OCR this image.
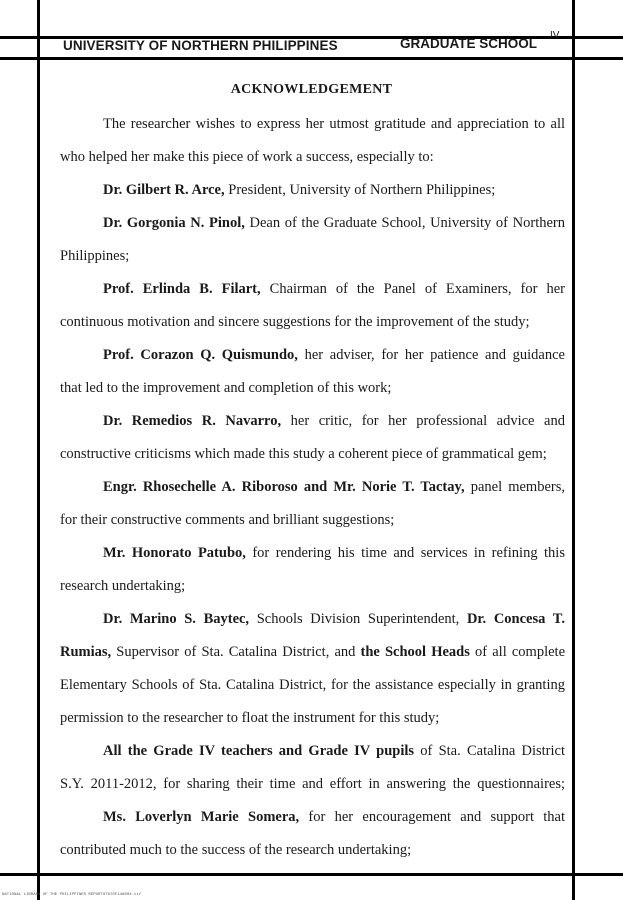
UNIVERSITY OF NORTHERN PHILIPPINES	GRADUATE SCHOOL
IV
ACKNOWLEDGEMENT
The researcher wishes to express her utmost gratitude and appreciation to all
who helped her make this piece of work a success, especially to:
Dr. Gilbert R. Arce, President, University of Northern Philippines;
Dr. Gorgonia N. Pinol, Dean of the Graduate School, University of Northern
Philippines;
Prof. Erlinda B. Filart, Chairman of the Panel of Examiners, for her
continuous motivation and sincere suggestions for the improvement of the study;
Prof. Corazon Q. Quismundo, her adviser, for her patience and guidance
that led to the improvement and completion of this work;
Dr. Remedios R. Navarro, her critic, for her professional advice and
constructive criticisms which made this study a coherent piece of grammatical gem;
Engr. Rhosechelle A. Riboroso and Mr. Norie T. Tactay, panel members,
for their constructive comments and brilliant suggestions;
Mr. Honorato Patubo, for rendering his time and services in refining this
research undertaking;
Dr. Marino S. Baytec, Schools Division Superintendent, Dr. Concesa T.
Rumias, Supervisor of Sta. Catalina District, and the School Heads of all complete
Elementary Schools of Sta. Catalina District, for the assistance especially in granting
permission to the researcher to float the instrument for this study;
All the Grade IV teachers and Grade IV pupils of Sta. Catalina District
S.Y. 2011-2012, for sharing their time and effort in answering the questionnaires;
Ms. Loverlyn Marie Somera, for her encouragement and support that
contributed much to the success of the research undertaking;
NATIONAL LIBRARY OF THE PHILIPPINES REPORT07870F148804.tif
